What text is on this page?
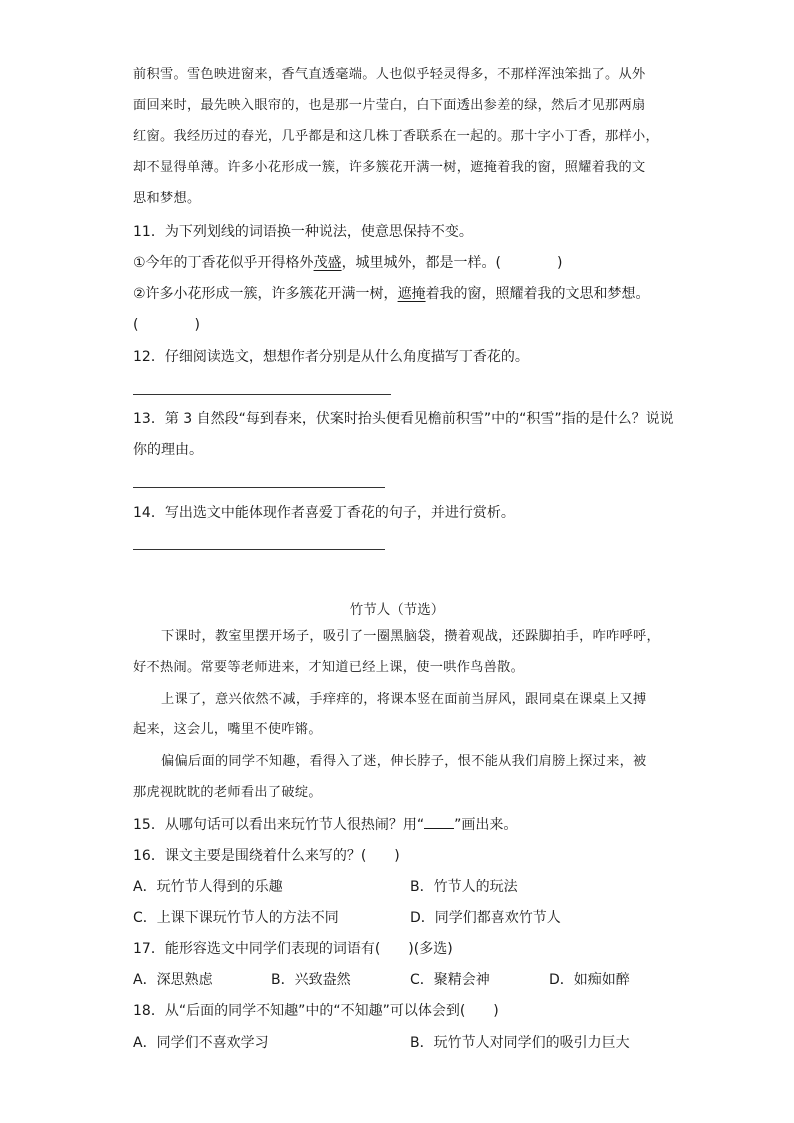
前积雪。雪色映进窗来，香气直透毫端。人也似乎轻灵得多，不那样浑浊笨拙了。从外
面回来时，最先映入眼帘的，也是那一片莹白，白下面透出参差的绿，然后才见那两扇
红窗。我经历过的春光，几乎都是和这几株丁香联系在一起的。那十字小丁香，那样小，
却不显得单薄。许多小花形成一簇，许多簇花开满一树，遮掩着我的窗，照耀着我的文
思和梦想。
11．为下列划线的词语换一种说法，使意思保持不变。
①今年的丁香花似乎开得格外茂盛，城里城外，都是一样。(　　　　)
②许多小花形成一簇，许多簇花开满一树，遮掩着我的窗，照耀着我的文思和梦想。
(　　　　)
12．仔细阅读选文，想想作者分别是从什么角度描写丁香花的。
13．第 3 自然段“每到春来，伏案时抬头便看见檐前积雪”中的“积雪”指的是什么？说说
你的理由。
14．写出选文中能体现作者喜爱丁香花的句子，并进行赏析。
竹节人（节选）
下课时，教室里摆开场子，吸引了一圈黑脑袋，攒着观战，还跺脚拍手，咋咋呼呼，
好不热闹。常要等老师进来，才知道已经上课，使一哄作鸟兽散。
上课了，意兴依然不减，手痒痒的，将课本竖在面前当屏风，跟同桌在课桌上又搏
起来，这会儿，嘴里不使咋锵。
偏偏后面的同学不知趣，看得入了迷，伸长脖子，恨不能从我们肩膀上探过来，被
那虎视眈眈的老师看出了破绽。
15．从哪句话可以看出来玩竹节人很热闹？用“ ”画出来。
16．课文主要是围绕着什么来写的？(　　)
A．玩竹节人得到的乐趣	B．竹节人的玩法
C．上课下课玩竹节人的方法不同	D．同学们都喜欢竹节人
17．能形容选文中同学们表现的词语有(　　)(多选)
A．深思熟虑	B．兴致盎然	C．聚精会神	D．如痴如醉
18．从“后面的同学不知趣”中的“不知趣”可以体会到(　　)
A．同学们不喜欢学习	B．玩竹节人对同学们的吸引力巨大
